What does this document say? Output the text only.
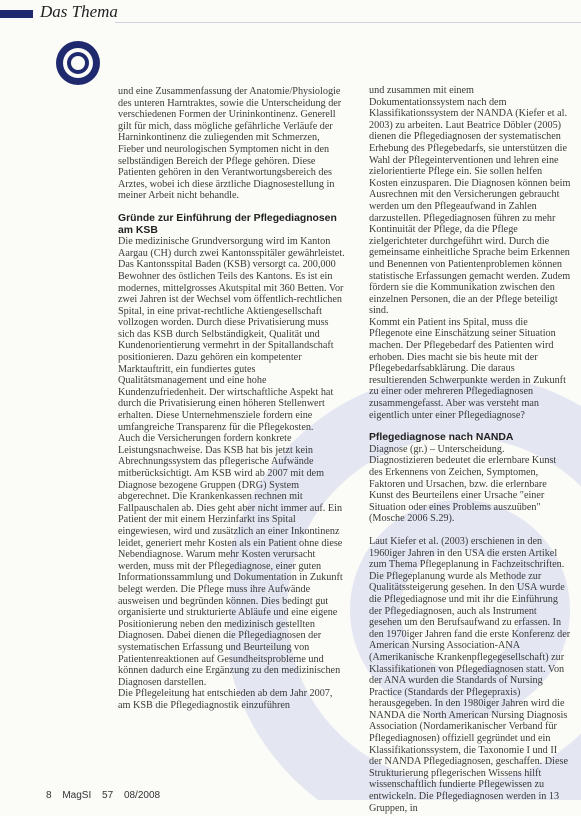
Das Thema

und eine Zusammenfassung der Anatomie/Physiologie des unteren Harntraktes, sowie die Unterscheidung der verschiedenen Formen der Urininkontinenz. Generell gilt für mich, dass mögliche gefährliche Verläufe der Harninkontinenz die zuliegenden mit Schmerzen, Fieber und neurologischen Symptomen nicht in den selbständigen Bereich der Pflege gehören. Diese Patienten gehören in den Verantwortungsbereich des Arztes, wobei ich diese ärztliche Diagnosestellung in meiner Arbeit nicht behandle.

Gründe zur Einführung der Pflegediagnosen am KSB

Die medizinische Grundversorgung wird im Kanton Aargau (CH) durch zwei Kantonsspitäler gewährleistet. Das Kantonsspital Baden (KSB) versorgt ca. 200,000 Bewohner des östlichen Teils des Kantons. Es ist ein modernes, mittelgrosses Akutspital mit 360 Betten. Vor zwei Jahren ist der Wechsel vom öffentlich-rechtlichen Spital, in eine privat-rechtliche Aktiengesellschaft vollzogen worden. Durch diese Privatisierung muss sich das KSB durch Selbständigkeit, Qualität und Kundenorientierung vermehrt in der Spitallandschaft positionieren. Dazu gehören ein kompetenter Marktauftritt, ein fundiertes gutes Qualitätsmanagement und eine hohe Kundenzufriedenheit. Der wirtschaftliche Aspekt hat durch die Privatisierung einen höheren Stellenwert erhalten. Diese Unternehmensziele fordern eine umfangreiche Transparenz für die Pflegekosten.

Auch die Versicherungen fordern konkrete Leistungsnachweise. Das KSB hat bis jetzt kein Abrechnungssystem das pflegerische Aufwände mitberücksichtigt. Am KSB wird ab 2007 mit dem Diagnose bezogene Gruppen (DRG) System abgerechnet. Die Krankenkassen rechnen mit Fallpauschalen ab. Dies geht aber nicht immer auf. Ein Patient der mit einem Herzinfarkt ins Spital eingewiesen, wird und zusätzlich an einer Inkontinenz leidet, generiert mehr Kosten als ein Patient ohne diese Nebendiagnose. Warum mehr Kosten verursacht werden, muss mit der Pflegediagnose, einer guten Informationssammlung und Dokumentation in Zukunft belegt werden. Die Pflege muss ihre Aufwände ausweisen und begründen können. Dies bedingt gut organisierte und strukturierte Abläufe und eine eigene Positionierung neben den medizinisch gestellten Diagnosen. Dabei dienen die Pflegediagnosen der systematischen Erfassung und Beurteilung von Patientenreaktionen auf Gesundheitsprobleme und können dadurch eine Ergänzung zu den medizinischen Diagnosen darstellen.

Die Pflegeleitung hat entschieden ab dem Jahr 2007, am KSB die Pflegediagnostik einzuführen

und zusammen mit einem Dokumentationssystem nach dem Klassifikationssystem der NANDA (Kiefer et al. 2003) zu arbeiten. Laut Beatrice Döbler (2005) dienen die Pflegediagnosen der systematischen Erhebung des Pflegebedarfs, sie unterstützen die Wahl der Pflegeinterventionen und lehren eine zielorientierte Pflege ein. Sie sollen helfen Kosten einzusparen. Die Diagnosen können beim Ausrechnen mit den Versicherungen gebraucht werden um den Pflegeaufwand in Zahlen darzustellen. Pflegediagnosen führen zu mehr Kontinuität der Pflege, da die Pflege zielgerichteter durchgeführt wird. Durch die gemeinsame einheitliche Sprache beim Erkennen und Benennen von Patientenproblemen können statistische Erfassungen gemacht werden. Zudem fördern sie die Kommunikation zwischen den einzelnen Personen, die an der Pflege beteiligt sind.

Kommt ein Patient ins Spital, muss die Pflegenote eine Einschätzung seiner Situation machen. Der Pflegebedarf des Patienten wird erhoben. Dies macht sie bis heute mit der Pflegebedarfsabklärung. Die daraus resultierenden Schwerpunkte werden in Zukunft zu einer oder mehreren Pflegediagnosen zusammengefasst. Aber was versteht man eigentlich unter einer Pflegediagnose?

Pflegediagnose nach NANDA

Diagnose (gr.) – Unterscheidung. Diagnostizieren bedeutet die erlernbare Kunst des Erkennens von Zeichen, Symptomen, Faktoren und Ursachen, bzw. die erlernbare Kunst des Beurteilens einer Ursache "einer Situation oder eines Problems auszuüben" (Mosche 2006 S.29).

Laut Kiefer et al. (2003) erschienen in den 1960iger Jahren in den USA die ersten Artikel zum Thema Pflegeplanung in Fachzeitschriften. Die Pflegeplanung wurde als Methode zur Qualitätssteigerung gesehen. In den USA wurde die Pflegediagnose und mit ihr die Einführung der Pflegediagnosen, auch als Instrument gesehen um den Berufsaufwand zu erfassen. In den 1970iger Jahren fand die erste Konferenz der American Nursing Association-ANA (Amerikanische Krankenpflegegesellschaft) zur Klassifikationen von Pflegediagnosen statt. Von der ANA wurden die Standards of Nursing Practice (Standards der Pflegepraxis) herausgegeben. In den 1980iger Jahren wird die NANDA die North American Nursing Diagnosis Association (Nordamerikanischer Verband für Pflegediagnosen) offiziell gegründet und ein Klassifikationssystem, die Taxonomie I und II der NANDA Pflegediagnosen, geschaffen. Diese Strukturierung pflegerischen Wissens hilft wissenschaftlich fundierte Pflegewissen zu entwickeln. Die Pflegediagnosen werden in 13 Gruppen, in

8 MagSI 57 08/2008
